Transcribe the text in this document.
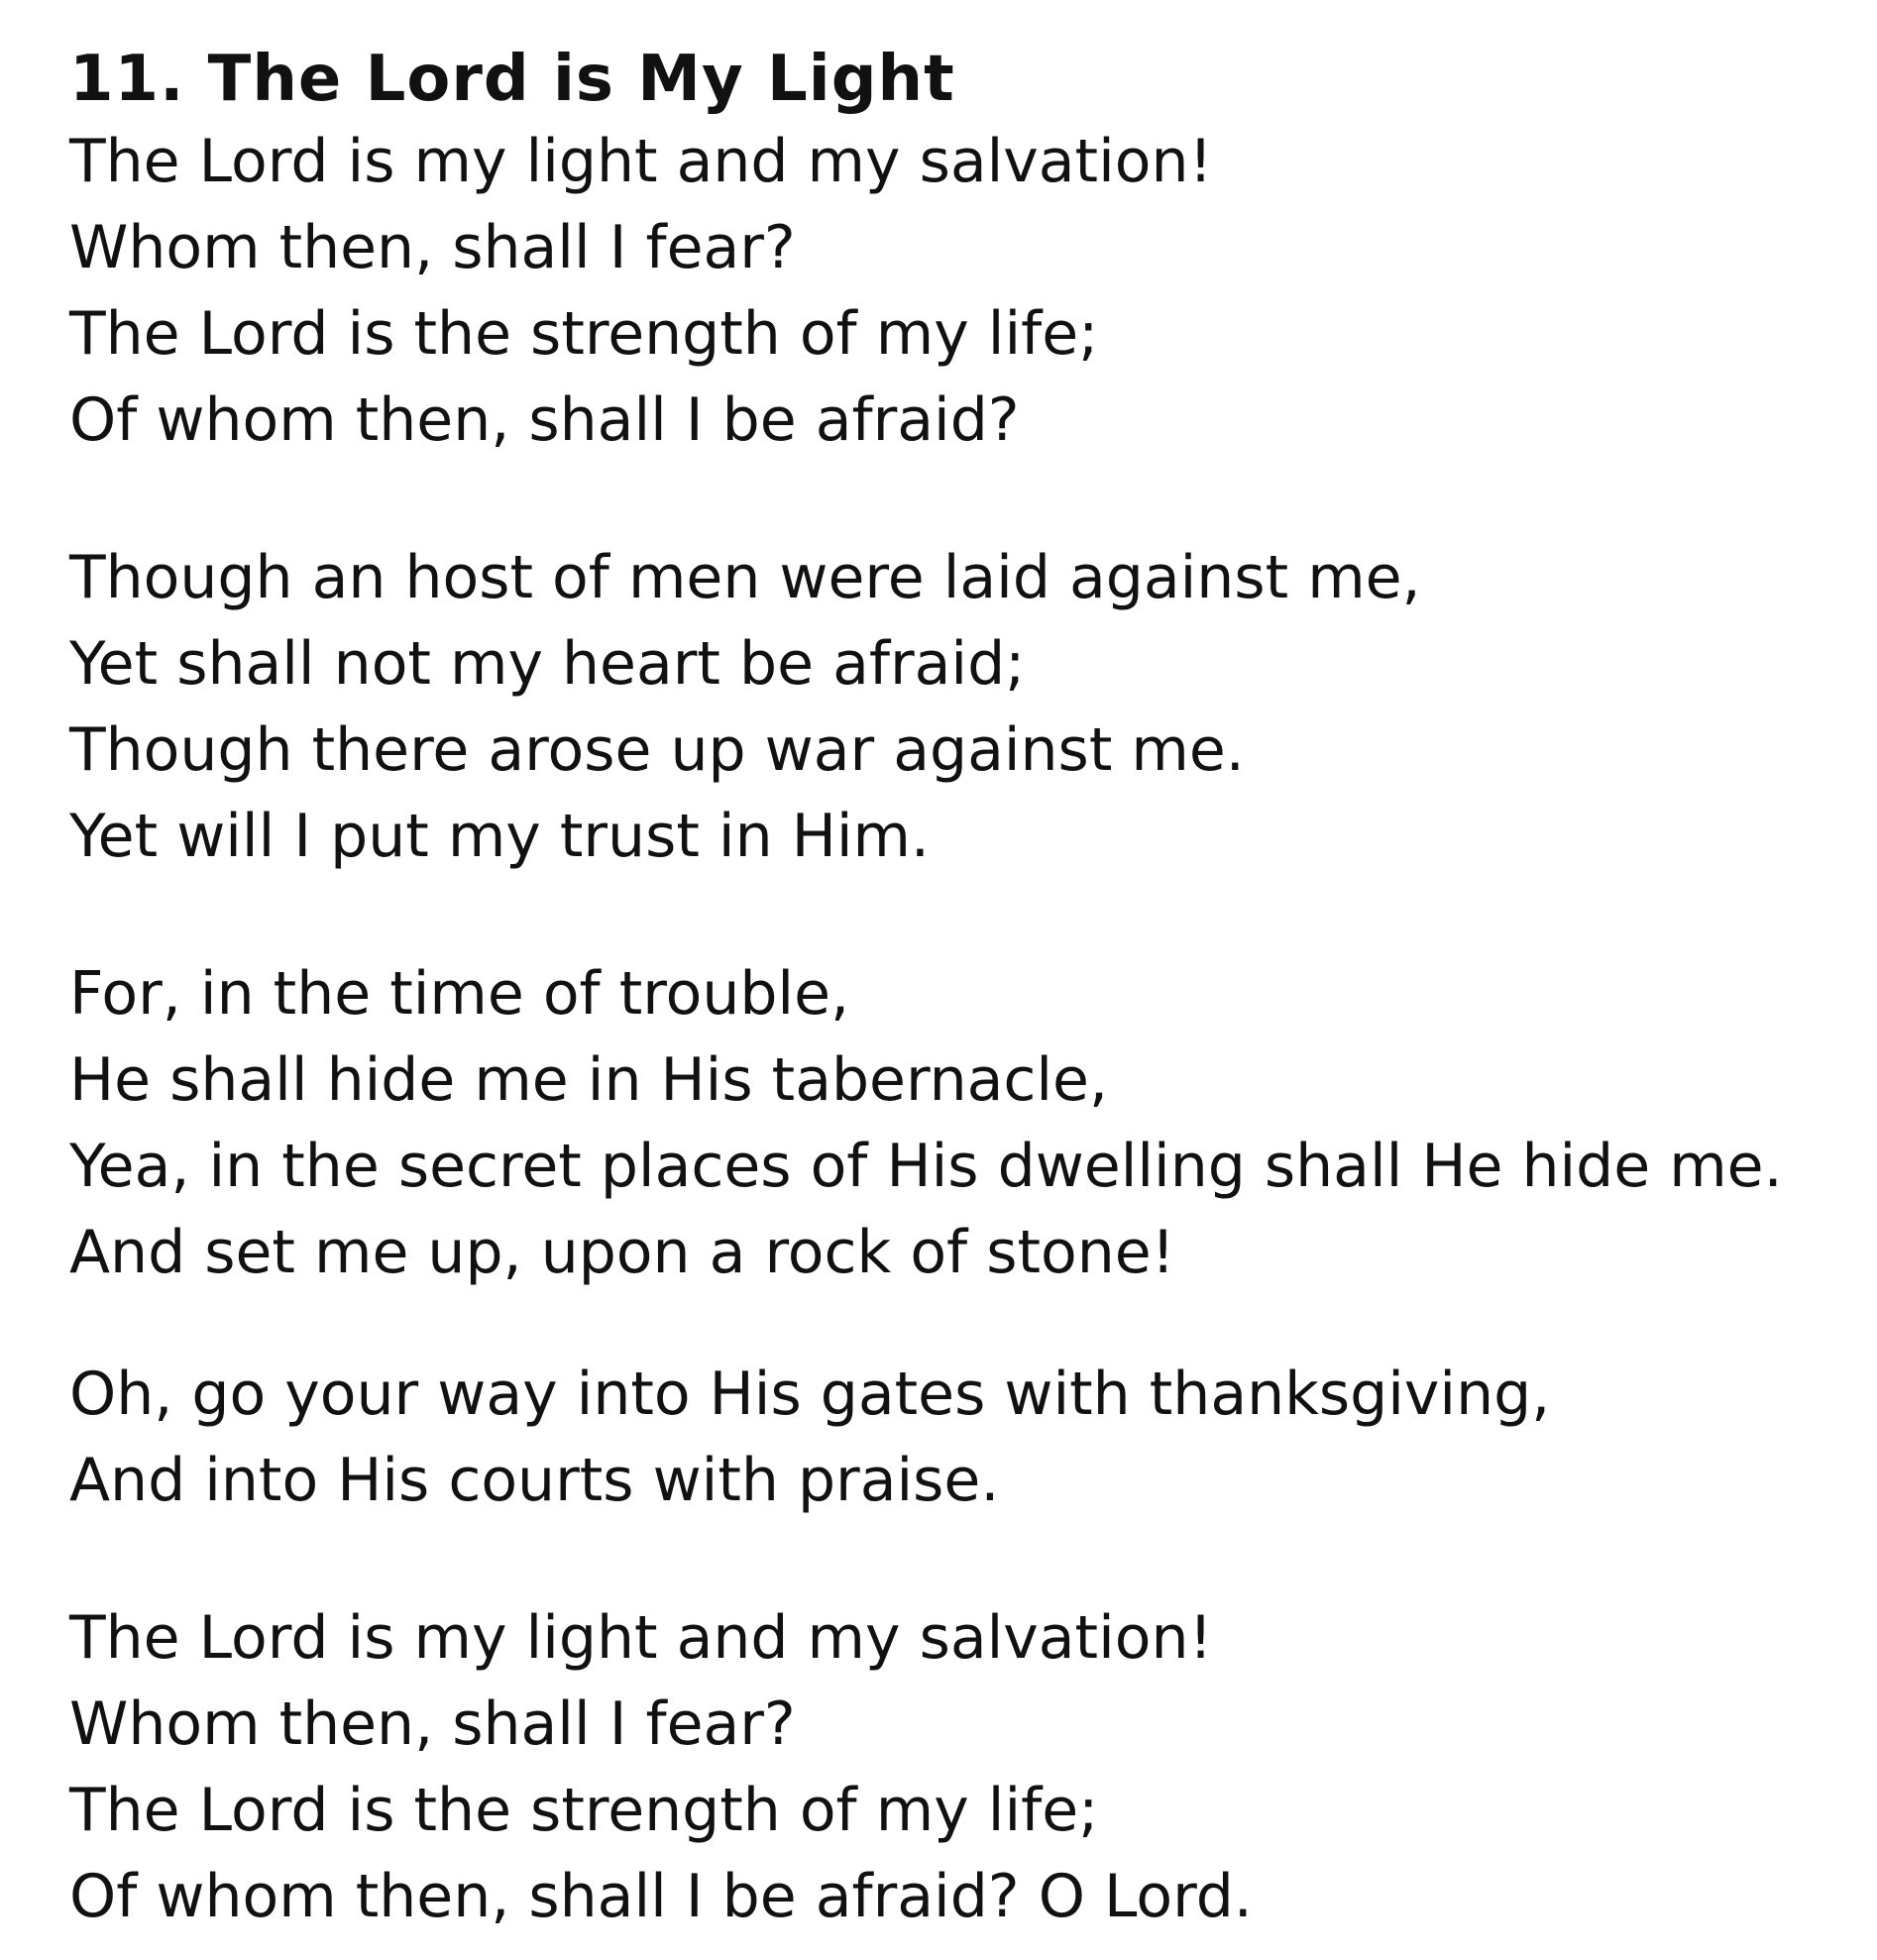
11. The Lord is My Light
The Lord is my light and my salvation!
Whom then, shall I fear?
The Lord is the strength of my life;
Of whom then, shall I be afraid?
Though an host of men were laid against me,
Yet shall not my heart be afraid;
Though there arose up war against me.
Yet will I put my trust in Him.
For, in the time of trouble,
He shall hide me in His tabernacle,
Yea, in the secret places of His dwelling shall He hide me.
And set me up, upon a rock of stone!
Oh, go your way into His gates with thanksgiving,
And into His courts with praise.
The Lord is my light and my salvation!
Whom then, shall I fear?
The Lord is the strength of my life;
Of whom then, shall I be afraid? O Lord.
